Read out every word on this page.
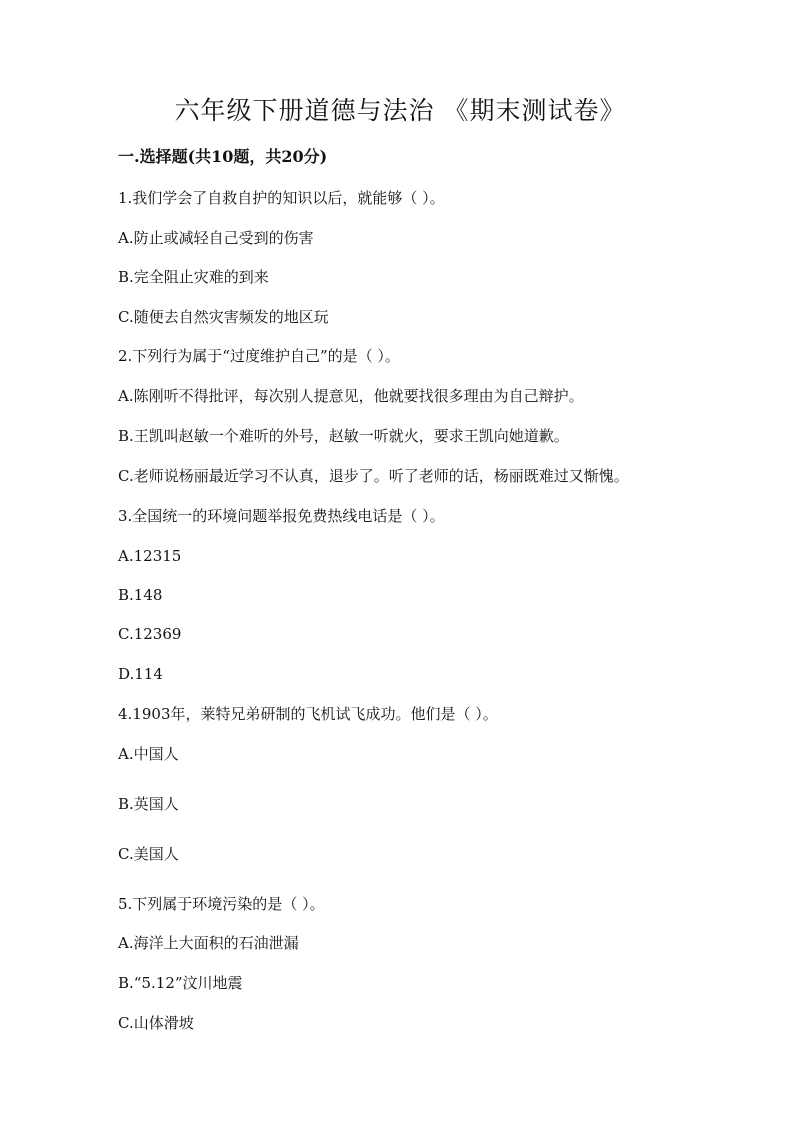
六年级下册道德与法治 《期末测试卷》
一.选择题(共10题，共20分)
1.我们学会了自救自护的知识以后，就能够（ ）。
A.防止或减轻自己受到的伤害
B.完全阻止灾难的到来
C.随便去自然灾害频发的地区玩
2.下列行为属于“过度维护自己”的是（ ）。
A.陈刚听不得批评，每次别人提意见，他就要找很多理由为自己辩护。
B.王凯叫赵敏一个难听的外号，赵敏一听就火，要求王凯向她道歉。
C.老师说杨丽最近学习不认真，退步了。听了老师的话，杨丽既难过又惭愧。
3.全国统一的环境问题举报免费热线电话是（ ）。
A.12315
B.148
C.12369
D.114
4.1903年，莱特兄弟研制的飞机试飞成功。他们是（ ）。
A.中国人
B.英国人
C.美国人
5.下列属于环境污染的是（ ）。
A.海洋上大面积的石油泄漏
B.“5.12”汶川地震
C.山体滑坡
